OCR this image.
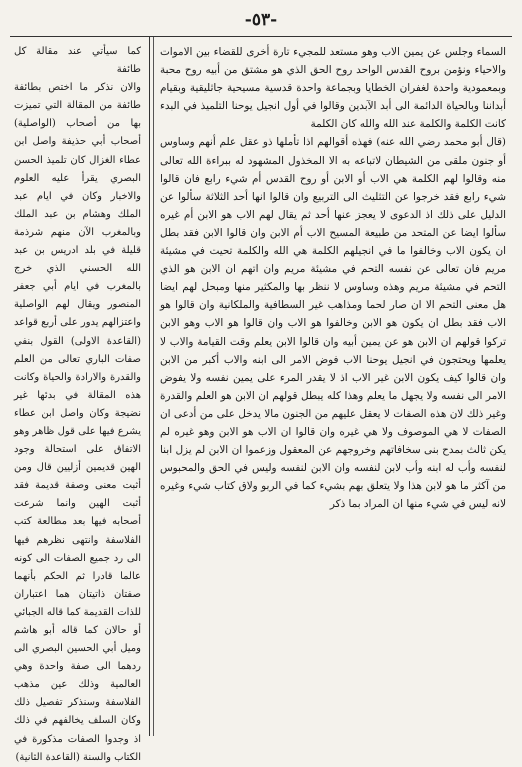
-٥٣-

السماء وجلس عن يمين الاب وهو مستعد للمجيء تارة أخرى للقضاء بين الاموات والاحياء ونؤمن بروح القدس الواحد روح الحق الذي هو مشتق من أبيه روح محبة وبمعمودية واحدة لغفران الخطايا وبجماعة واحدة قدسية مسيحية جاثليقية وبقيام أبداننا وبالحياة الدائمة الى أبد الآبدين وقالوا في أول انجيل يوحنا التلميذ في البدء كانت الكلمة والكلمة عند الله والله كان الكلمة

(قال أبو محمد رضي الله عنه) فهذه أقوالهم اذا تأملها ذو عقل علم أنهم وساوس أو جنون ملقى من الشيطان لاتباعه به الا المخذول المشهود له ببراءة الله تعالى منه وقالوا لهم الكلمة هي الاب أو الابن أو روح القدس أم شيء رابع فان قالوا شيء رابع فقد خرجوا عن التثليث الى التربيع وان قالوا انها أحد الثلاثة سألوا عن الدليل على ذلك اذ الدعوى لا يعجز عنها أحد ثم يقال لهم الاب هو الابن أم غيره سألوا ايضا عن المتحد من طبيعة المسيح الاب أم الابن وان قالوا الابن فقد بطل ان يكون الاب وخالفوا ما في انجيلهم الكلمة هي الله والكلمة تحيت في مشيئة مريم فان تعالى عن نفسه التحم في مشيئة مريم وان اتهم ان الابن هو الذي التحم في مشيئة مريم وهذه وساوس لا ننظر بها والمكثير منها ومبحل لهم ايضا هل معنى التحم الا ان صار لحما ومذاهب غير السطافية والملكانية وان قالوا هو الاب فقد بطل ان يكون هو الابن وخالفوا هو الاب وان قالوا هو الاب وهو الابن تركوا قولهم ان الابن هو عن يمين أبيه وان قالوا الابن يعلم وقت القيامة والاب لا يعلمها ويحتجون في انجيل يوحنا الاب فوض الامر الى ابنه والاب أكبر من الابن وان قالوا كيف يكون الابن غير الاب اذ لا يقدر المرء على يمين نفسه ولا يفوض الامر الى نفسه ولا يجهل ما يعلم وهذا كله يبطل قولهم ان الابن هو العلم والقدرة وغير ذلك لان هذه الصفات لا يعقل عليهم من الجنون مالا يدخل على من أدعى ان الصفات لا هي الموصوف ولا هي غيره وان قالوا ان الاب هو الابن وهو غيره لم يكن ثالث بمدح بنى سخافاتهم وخروجهم عن المعقول وزعموا ان الابن لم يزل ابنا لنفسه وأب له ابنه وأب لابن لنفسه وان الابن لنفسه وليس في الحق والمحبوس من آكثر ما هو لابن هذا ولا يتعلق بهم بشيء كما في الربو ولاق كتاب شيء وغيره لانه ليس في شيء منها ان المراد بما ذكر

كما سيأتي عند مقالة كل طائفة

والان نذكر ما اختص بطائفة طائفة من المقالة التي تميزت بها من أصحاب (الواصلية) أصحاب أبي حذيفة واصل ابن عطاء الغزال كان تلميذ الحسن البصري يقرأ عليه العلوم والاخبار وكان في ايام عبد الملك وهشام بن عبد الملك وبالمغرب الآن منهم شرذمة قليلة في بلد ادريس بن عبد الله الحسني الذي خرج بالمغرب في ايام أبي جعفر المنصور ويقال لهم الواصلية واعتزالهم يدور على أربع قواعد (القاعدة الاولى) القول بنفي صفات الباري تعالى من العلم والقدرة والارادة والحياة وكانت هذه المقالة في بدئها غير نضيجة وكان واصل ابن عطاء يشرع فيها على قول ظاهر وهو الاتفاق على استحالة وجود الهين قديمين أزليين قال ومن أثبت معنى وصفة قديمة فقد أثبت الهين وانما شرعت أصحابه فيها بعد مطالعة كتب الفلاسفة وانتهى نظرهم فيها الى رد جميع الصفات الى كونه عالما قادرا ثم الحكم بأنهما صفتان ذاتيتان هما اعتباران للذات القديمة كما قاله الجبائي أو حالان كما قاله أبو هاشم وميل أبي الحسين البصري الى ردهما الى صفة واحدة وهي العالمية وذلك عين مذهب الفلاسفة وسنذكر تفصيل ذلك وكان السلف يخالفهم في ذلك اذ وجدوا الصفات مذكورة في الكتاب والسنة (القاعدة الثانية)
